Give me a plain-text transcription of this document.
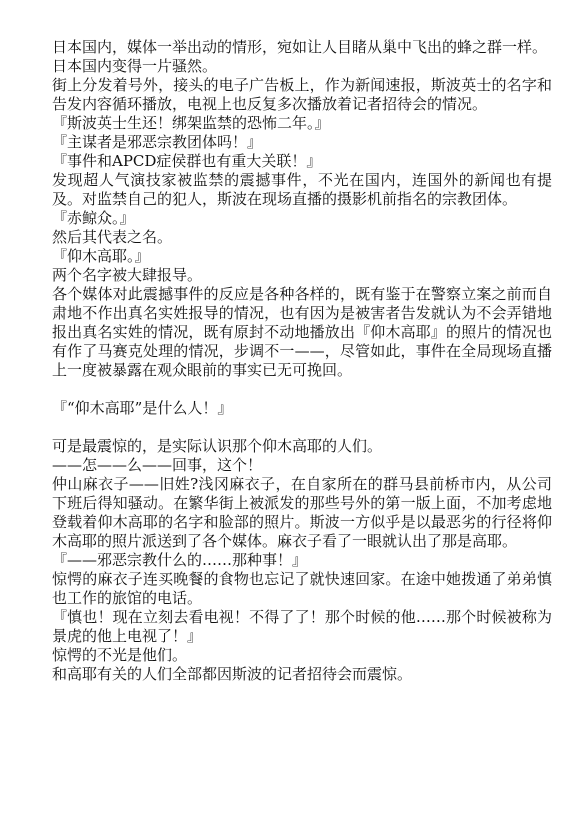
日本国内，媒体一举出动的情形，宛如让人目睹从巢中飞出的蜂之群一样。

日本国内变得一片骚然。

街上分发着号外，接头的电子广告板上，作为新闻速报，斯波英士的名字和告发内容循环播放，电视上也反复多次播放着记者招待会的情况。

『斯波英士生还！绑架监禁的恐怖二年。』

『主谋者是邪恶宗教团体吗！』

『事件和APCD症侯群也有重大关联！』

发现超人气演技家被监禁的震撼事件，不光在国内，连国外的新闻也有提及。对监禁自己的犯人，斯波在现场直播的摄影机前指名的宗教团体。

『赤鲸众。』

然后其代表之名。

『仰木高耶。』

两个名字被大肆报导。

各个媒体对此震撼事件的反应是各种各样的，既有鉴于在警察立案之前而自肃地不作出真名实姓报导的情况，也有因为是被害者告发就认为不会弄错地报出真名实姓的情况，既有原封不动地播放出『仰木高耶』的照片的情况也有作了马赛克处理的情况，步调不一——，尽管如此，事件在全局现场直播上一度被暴露在观众眼前的事实已无可挽回。

『“仰木高耶”是什么人！』

可是最震惊的，是实际认识那个仰木高耶的人们。

——怎——么——回事，这个！

仲山麻衣子——旧姓?浅冈麻衣子，在自家所在的群马县前桥市内，从公司下班后得知骚动。在繁华街上被派发的那些号外的第一版上面，不加考虑地登载着仰木高耶的名字和脸部的照片。斯波一方似乎是以最恶劣的行径将仰木高耶的照片派送到了各个媒体。麻衣子看了一眼就认出了那是高耶。

『——邪恶宗教什么的……那种事！』

惊愕的麻衣子连买晚餐的食物也忘记了就快速回家。在途中她拨通了弟弟慎也工作的旅馆的电话。

『慎也！现在立刻去看电视！不得了了！那个时候的他……那个时候被称为景虎的他上电视了！』

惊愕的不光是他们。

和高耶有关的人们全部都因斯波的记者招待会而震惊。
